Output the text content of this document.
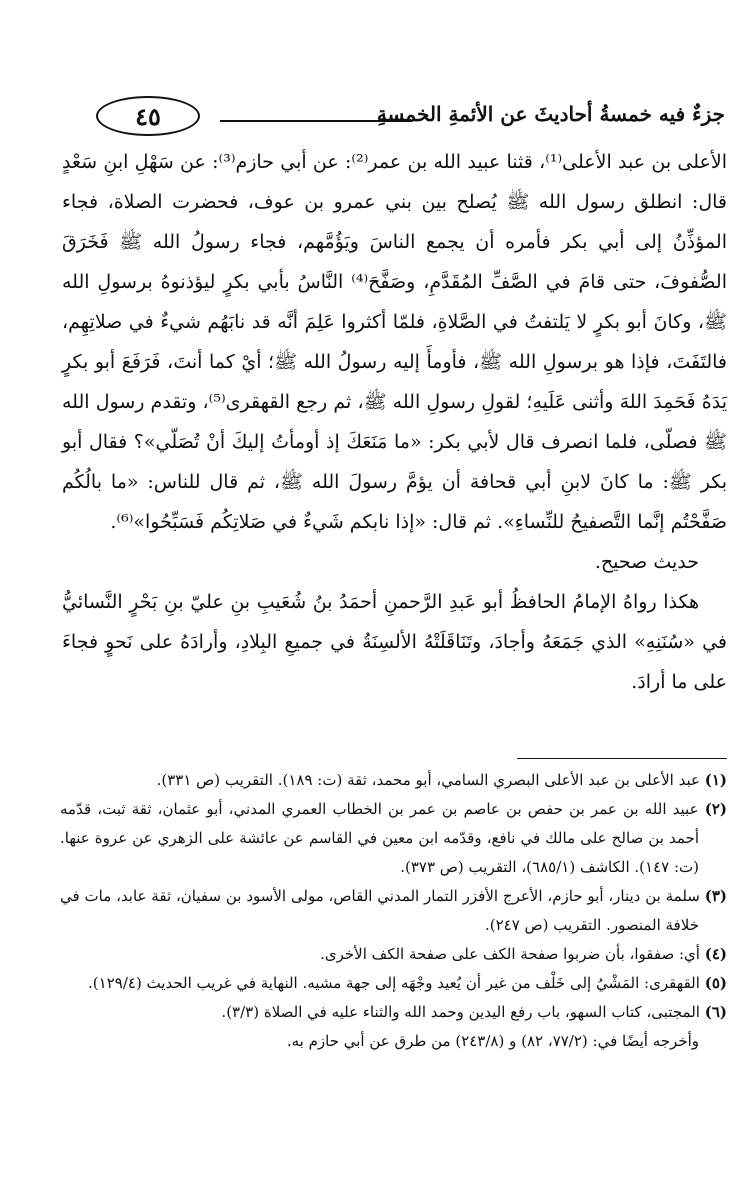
٤٥	جزءٌ فيه خمسةُ أحاديثَ عن الأئمةِ الخمسةِ

الأعلى بن عبد الأعلى⁽¹⁾، قثنا عبيد الله بن عمر⁽²⁾: عن أبي حازم⁽³⁾: عن سَهْلِ ابنِ سَعْدٍ قال: انطلق رسول الله ﷺ يُصلح بين بني عمرو بن عوف، فحضرت الصلاة، فجاء المؤذِّنُ إلى أبي بكر فأمره أن يجمع الناسَ ويَؤُمَّهم، فجاء رسولُ الله ﷺ فَخَرَقَ الصُّفوفَ، حتى قامَ في الصَّفِّ المُقَدَّمِ، وصَفَّحَ⁽⁴⁾ النَّاسُ بأبي بكرٍ ليؤذنوهُ برسولِ الله ﷺ، وكانَ أبو بكرٍ لا يَلتفتُ في الصَّلاةِ، فلمّا أكثروا عَلِمَ أنَّه قد نابَهُم شيءٌ في صلاتِهِم، فالتَفَتَ، فإذا هو برسولِ الله ﷺ، فأومأَ إليه رسولُ الله ﷺ؛ أيْ كما أنتَ، فَرَفَعَ أبو بكرٍ يَدَهُ فَحَمِدَ اللهَ وأثنى عَلَيهِ؛ لقولِ رسولِ الله ﷺ، ثم رجع القهقرى⁽⁵⁾، وتقدم رسول الله ﷺ فصلّى، فلما انصرف قال لأبي بكر: «ما مَنَعَكَ إذ أومأتُ إليكَ أنْ تُصَلّي»؟ فقال أبو بكر ﷺ: ما كانَ لابنِ أبي قحافة أن يؤمَّ رسولَ الله ﷺ، ثم قال للناس: «ما بالُكُم صَفَّحْتُم إنَّما التَّصفيحُ للنِّساءِ». ثم قال: «إذا نابكم شَيءٌ في صَلاتِكُم فَسَبِّحُوا»⁽⁶⁾.

حديث صحيح.

هكذا رواهُ الإمامُ الحافظُ أبو عَبدِ الرَّحمنِ أحمَدُ بنُ شُعَيبِ بنِ عليّ بنِ بَحْرٍ النَّسائيُّ في «سُنَنِهِ» الذي جَمَعَهُ وأجادَ، وتَنَاقَلَتْهُ الألسِنَةُ في جميعِ البِلادِ، وأرادَهُ على نَحوٍ فجاءَ على ما أرادَ.

(١) عبد الأعلى بن عبد الأعلى البصري السامي، أبو محمد، ثقة (ت: ١٨٩). التقريب (ص ٣٣١).

(٢) عبيد الله بن عمر بن حفص بن عاصم بن عمر بن الخطاب العمري المدني، أبو عثمان، ثقة ثبت، قدّمه أحمد بن صالح على مالك في نافع، وقدّمه ابن معين في القاسم عن عائشة على الزهري عن عروة عنها. (ت: ١٤٧). الكاشف (٦٨٥/١)، التقريب (ص ٣٧٣).

(٣) سلمة بن دينار، أبو حازم، الأعرج الأفزر التمار المدني القاص، مولى الأسود بن سفيان، ثقة عابد، مات في خلافة المنصور. التقريب (ص ٢٤٧).

(٤) أي: صفقوا، بأن ضربوا صفحة الكف على صفحة الكف الأخرى.

(٥) القهقرى: المَشْيُ إلى خَلْف من غير أن يُعيد وجْهَه إلى جهة مشيه. النهاية في غريب الحديث (١٢٩/٤).

(٦) المجتبى، كتاب السهو، باب رفع اليدين وحمد الله والثناء عليه في الصلاة (٣/٣).

وأخرجه أيضًا في: (٧٧/٢، ٨٢) و (٢٤٣/٨) من طرق عن أبي حازم به.
